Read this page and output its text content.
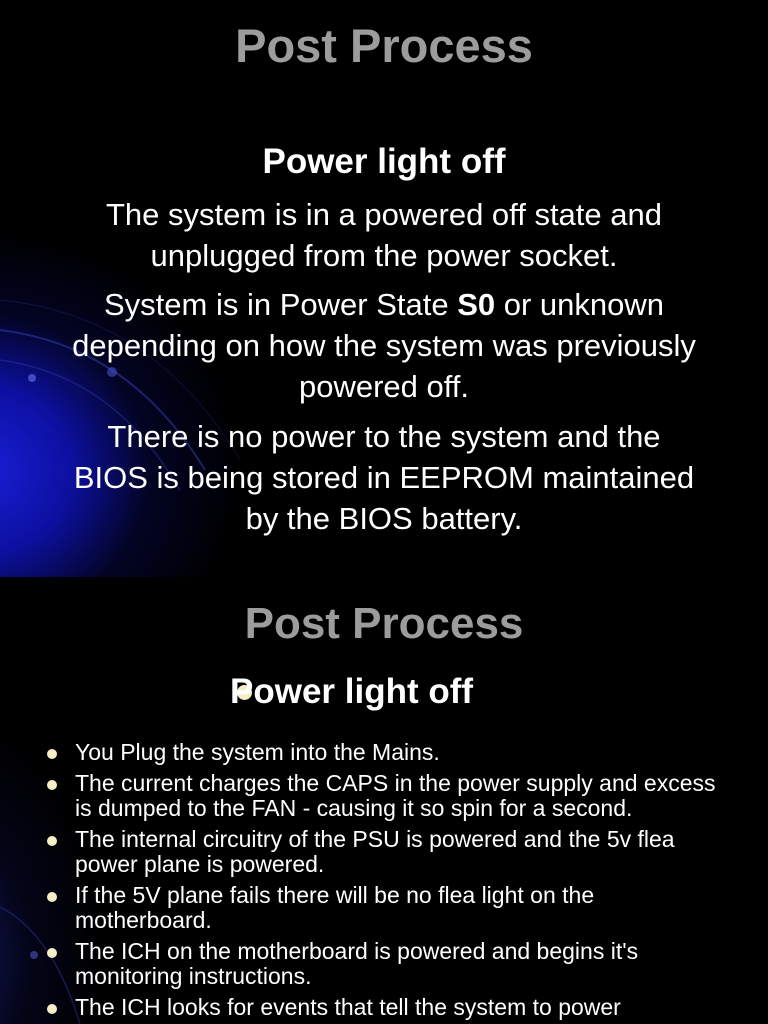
Post Process
Power light off
The system is in a powered off state and unplugged from the power socket.
System is in Power State S0 or unknown depending on how the system was previously powered off.
There is no power to the system and the BIOS is being stored in EEPROM maintained by the BIOS battery.
Post Process
Power light off
You Plug the system into the Mains.
The current charges the CAPS in the power supply and excess is dumped to the FAN - causing it so spin for a second.
The internal circuitry of the PSU is powered and the 5v flea power plane is powered.
If the 5V plane fails there will be no flea light on the motherboard.
The ICH on the motherboard is powered and begins it's monitoring instructions.
The ICH looks for events that tell the system to power
